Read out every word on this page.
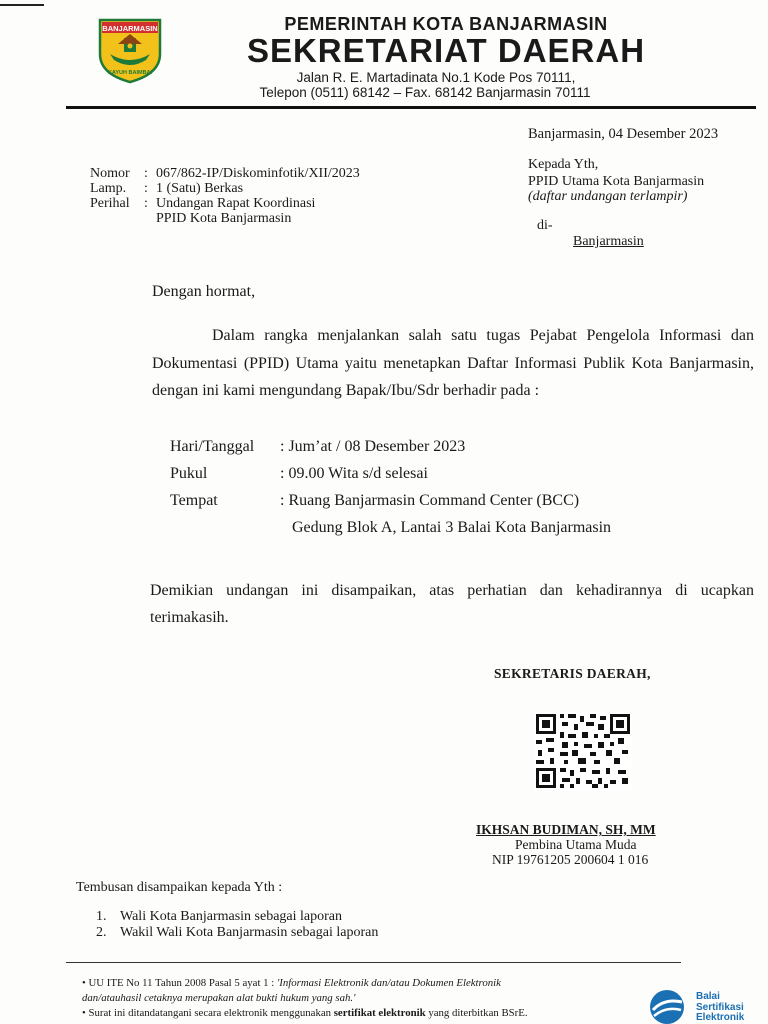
BANJARMASIN
KAYUH BAIMBAI
PEMERINTAH KOTA BANJARMASIN
SEKRETARIAT DAERAH
Jalan R. E. Martadinata No.1 Kode Pos 70111,
Telepon (0511) 68142 – Fax. 68142 Banjarmasin 70111
Banjarmasin, 04 Desember 2023
Kepada Yth,
PPID Utama Kota Banjarmasin
(daftar undangan terlampir)
di-
Banjarmasin
Nomor	:	067/862-IP/Diskominfotik/XII/2023
Lamp.	:	1 (Satu) Berkas
Perihal	:	Undangan Rapat Koordinasi
		PPID Kota Banjarmasin
Dengan hormat,
Dalam rangka menjalankan salah satu tugas Pejabat Pengelola Informasi dan Dokumentasi (PPID) Utama yaitu menetapkan Daftar Informasi Publik Kota Banjarmasin, dengan ini kami mengundang Bapak/Ibu/Sdr berhadir pada :
Hari/Tanggal	: Jum’at / 08 Desember 2023
Pukul	: 09.00 Wita s/d selesai
Tempat	: Ruang Banjarmasin Command Center (BCC)
	Gedung Blok A, Lantai 3 Balai Kota Banjarmasin
Demikian undangan ini disampaikan, atas perhatian dan kehadirannya di ucapkan terimakasih.
SEKRETARIS DAERAH,
IKHSAN BUDIMAN, SH, MM
Pembina Utama Muda
NIP 19761205 200604 1 016
Tembusan disampaikan kepada Yth :
1. Wali Kota Banjarmasin sebagai laporan
2. Wakil Wali Kota Banjarmasin sebagai laporan
• UU ITE No 11 Tahun 2008 Pasal 5 ayat 1 : 'Informasi Elektronik dan/atau Dokumen Elektronik
dan/atauhasil cetaknya merupakan alat bukti hukum yang sah.'
• Surat ini ditandatangani secara elektronik menggunakan sertifikat elektronik yang diterbitkan BSrE.
Balai
Sertifikasi
Elektronik
